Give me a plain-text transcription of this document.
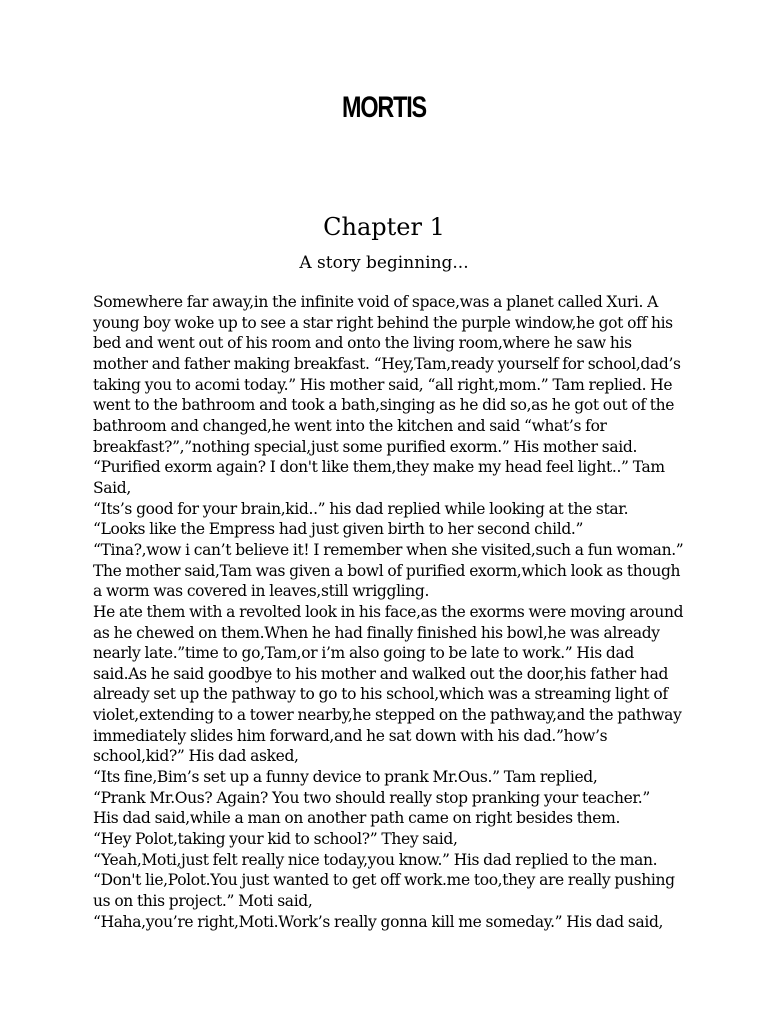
MORTIS
Chapter 1
A story beginning...
Somewhere far away,in the infinite void of space,was a planet called Xuri. A
young boy woke up to see a star right behind the purple window,he got off his
bed and went out of his room and onto the living room,where he saw his
mother and father making breakfast. “Hey,Tam,ready yourself for school,dad’s
taking you to acomi today.” His mother said, “all right,mom.” Tam replied. He
went to the bathroom and took a bath,singing as he did so,as he got out of the
bathroom and changed,he went into the kitchen and said “what’s for
breakfast?”,”nothing special,just some purified exorm.” His mother said.
“Purified exorm again? I don't like them,they make my head feel light..” Tam
Said,
“Its’s good for your brain,kid..” his dad replied while looking at the star.
“Looks like the Empress had just given birth to her second child.”
“Tina?,wow i can’t believe it! I remember when she visited,such a fun woman.”
The mother said,Tam was given a bowl of purified exorm,which look as though
a worm was covered in leaves,still wriggling.
He ate them with a revolted look in his face,as the exorms were moving around
as he chewed on them.When he had finally finished his bowl,he was already
nearly late.”time to go,Tam,or i’m also going to be late to work.” His dad
said.As he said goodbye to his mother and walked out the door,his father had
already set up the pathway to go to his school,which was a streaming light of
violet,extending to a tower nearby,he stepped on the pathway,and the pathway
immediately slides him forward,and he sat down with his dad.”how’s
school,kid?” His dad asked,
“Its fine,Bim’s set up a funny device to prank Mr.Ous.” Tam replied,
“Prank Mr.Ous? Again? You two should really stop pranking your teacher.”
His dad said,while a man on another path came on right besides them.
“Hey Polot,taking your kid to school?” They said,
“Yeah,Moti,just felt really nice today,you know.” His dad replied to the man.
“Don't lie,Polot.You just wanted to get off work.me too,they are really pushing
us on this project.” Moti said,
“Haha,you’re right,Moti.Work’s really gonna kill me someday.” His dad said,
